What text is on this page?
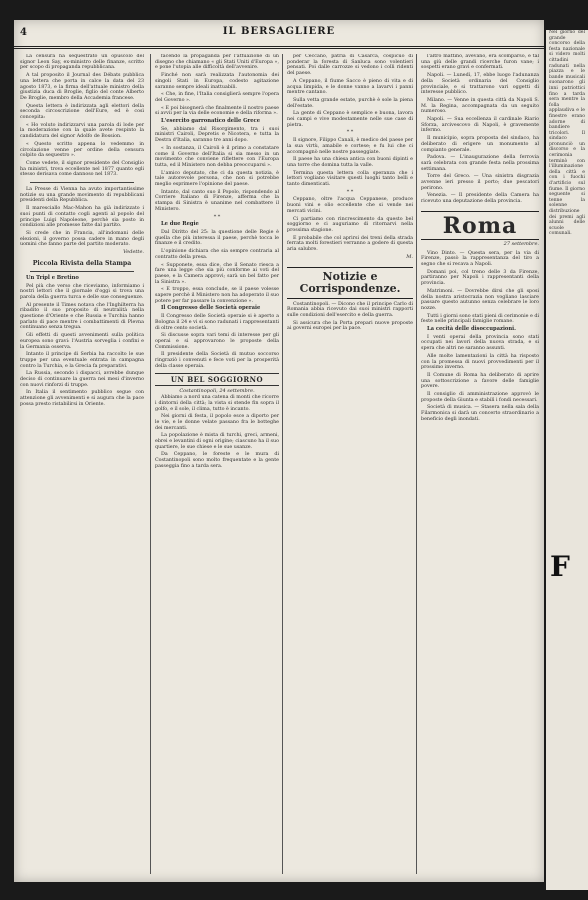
4	IL BERSAGLIERE

La censura ha sequestrato un opuscolo del signor Leon Say, ex-ministro delle finanze, scritto per scopo di propaganda repubblicana.

A tal proposito il Journal des Débats pubblica una lettera che porta in calce la data del 23 agosto 1873, e la firma dell'attuale ministro della giustizia duca di Broglie, figlio del conte Alberto De Broglie, membro della Accademia francese.

Questa lettera è indirizzata agli elettori della seconda circoscrizione dell'Eure, ed è così concepita:

« Ho voluto indirizzarvi una parola di lode per la moderazione con la quale avete respinto la candidatura del signor Adolfo de Bossion.

« Questo scritto appena lo vedemmo in circolazione venne per ordine della censura colpito da sequestro ».

Come vedete, il signor presidente del Consiglio ha ministri, trova eccellente nel 1877 quanto egli stesso derisava come dannoso nel 1873.

La Presse di Vienna ha avuto importantissime notizie su una grande movimento di repubblicani presidenti della Repubblica.

Il maresciallo Mac-Mahon ha già indirizzato i suoi punti di contatto cogli agenti al popolo del principe Luigi Napoleone, perchè sia posto in condizioni alle promesse fatte dal partito.

Si crede che in Francia, all'indomani delle elezioni, il governo possa cadere in mano degli uomini che fanno parte del partito moderato.

Vedette.
Piccola Rivista della Stampa

Un Tripl e Bretino

Pel più che verso che riceviamo, informiamo i nostri lettori che il giornale d'oggi si trova una parola della guerra turca e delle sue conseguenze.

Al presente il Times notava che l'Inghilterra ha ribadito il suo proposito di neutralità nella questione d'Oriente e che Russia e Turchia hanno parlato di pace mentre i combattimenti di Plevna continuano senza tregua.

Gli effetti di questi avvenimenti sulla politica europea sono gravi: l'Austria sorveglia i confini e la Germania osserva.

Intanto il principe di Serbia ha raccolto le sue truppe per una eventuale entrata in campagna contro la Turchia, e la Grecia fa preparativi.

La Russia, secondo i dispacci, avrebbe dunque deciso di continuare la guerra nei mesi d'inverno con nuovi rinforzi di truppe.

In Italia il sentimento pubblico segue con attenzione gli avvenimenti e si augura che la pace possa presto ristabilirsi in Oriente.

facendo la propaganda per l'attuazione di un disegno che chiamano « gli Stati Uniti d'Europa », e pone l'utopia alle difficoltà dell'avvenire.

Finché non sarà realizzata l'autonomia dei singoli Stati in Europa, codesto agitazione saranno sempre ideali inattuabili.

« Che, in fine, l'Italia consiglierà sempre l'opera del Governo ».

« E poi bisognerà che finalmente il nostro paese si avvii per la via delle economie e della riforma ».

L'esercito garronatico delle Grece

Se, abbiamo dal Risorgimento, tra i suoi ministri Cairoli, Depretis e Nicotera, e tutta la Destra d'Italia, saranno tre anni dopo.

« In sostanza, il Cairoli è il primo a constatare come il Governo dell'Italia si sia messo in un movimento che conviene riflettere con l'Europa tutta, ed il Ministero non debba preoccuparsi ».

L'amico deputato, che ci da questa notizia, è tale autorevole persona, che non si potrebbe meglio esprimere l'opinione del paese.

Intanto, dal canto suo il Popolo, rispondendo al Corriere Italiano di Firenze, afferma che la stampa di Sinistra è unanime nel combattere il Ministero.

* *

Le due Regie

Dal Diritto del 25: la questione delle Regie è quella che più interessa il paese, perchè tocca le finanze e il credito.

L'opinione dichiara che sia sempre contraria al contratto della presa.

« Supponete, essa dice, che il Senato riesca a fare una legge che sia più conforme ai voti del paese, e la Camera approvi; sarà un bel fatto per la Sinistra ».

« E troppo, essa conclude, se il paese volesse sapere perchè il Ministero non ha adoperato il suo potere per far passare la convenzione ».

Il Congresso delle Società operaie

Il Congresso delle Società operaie si è aperto a Bologna il 24 e vi si sono radunati i rappresentanti di oltre cento società.

Si discusse sopra vari temi di interesse per gli operai e si approvarono le proposte della Commissione.

Il presidente della Società di mutuo soccorso ringraziò i convenuti e fece voti per la prosperità della classe operaia.

UN BEL SOGGIORNO
Costantinopoli, 24 settembre.

Abbiamo a nord una catena di monti che ricorre i dintorni della città; la vista si stende fin sopra il golfo, e il sole, il clima, tutto è incanto.

Nei giorni di festa, il popolo esce a diporto per le vie, e le donne velate passano fra le botteghe dei mercanti.

La popolazione è mista di turchi, greci, armeni, ebrei e levantini di ogni origine; ciascuno ha il suo quartiere, le sue chiese e le sue usanze.

Da Ceppano, le foreste e le mura di Costantinopoli sono molto frequentate e la gente passeggia fino a tarda sera.

per Ceccano, patria di Casarca, cospicuo di ponderar la foresta di Sanluca sono volentieri pensati. Poi dalle carrozze si vedono i colli ridenti del paese.

A Ceppano, il fiume Sacco è pieno di vita e di acqua limpida, e le donne vanno a lavarvi i panni mentre cantano.

Sulla vetta grande estate, purchè è sole la piena dell'estate.

La gente di Ceppano è semplice e buona, lavora nei campi e vive modestamente nelle sue case di pietra.

* *

Il signore, Filippo Canali, è medico del paese per la sua virtù, amabile e cortese; e fu lui che ci accompagnò nelle nostre passeggiate.

Il paese ha una chiesa antica con buoni dipinti e una torre che domina tutta la valle.

Termina questa lettera colla speranza che i lettori vogliano visitare questi luoghi tanto belli e tanto dimenticati.

* *

Ceppano, oltre l'acqua Ceppanese, produce buoni vini e olio eccellente che si vende nei mercati vicini.

Ci partiamo con rincrescimento da questo bel soggiorno e ci auguriamo di ritornarvi nella prossima stagione.

E probabile che col aprirsi dei treni della strada ferrata molti forestieri verranno a godere di questa aria salubre.

M.
Notizie e Corrispondenze.

Costantinopoli. — Dicono che il principe Carlo di Romania abbia ricevuto dai suoi ministri rapporti sulle condizioni dell'esercito e della guerra.

Si assicura che la Porta prepari nuove proposte ai governi europei per la pace.

l'altro mattino, avevano, era scomparso, e tal una giù delle grandi ricerche furon vane; i sospetti erano gravi e confermati.

Napoli. — Lunedì, 17, ebbe luogo l'adunanza della Società ordinaria del Consiglio provinciale, e si trattarono vari oggetti di interesse pubblico.

Milano. — Venne in questa città da Napoli S. M. la Regina, accompagnata da un seguito numeroso.

Napoli. — Sua eccellenza il cardinale Riario Sforza, arcivescovo di Napoli, è gravemente infermo.

Il municipio, sopra proposta del sindaco, ha deliberato di erigere un monumento al compianto generale.

Padova. — L'inaugurazione della ferrovia sarà celebrata con grande festa nella prossima settimana.

Torre del Greco. — Una sinistra disgrazia avvenne ieri presso il porto; due pescatori perirono.

Venezia. — Il presidente della Camera ha ricevuto una deputazione della provincia.

Roma
27 settembre.

Vino Dinto. — Questa sera, per la via di Firenze, passò la rappresentanza del tiro a segno che si recava a Napoli.

Domani poi, col treno delle 3 da Firenze, partiranno per Napoli i rappresentanti della provincia.

Matrimoni. — Dovrebbe dirsi che gli sposi della nostra aristocrazia non vogliano lasciare passare questo autunno senza celebrare le loro nozze.

Tutti i giorni sono stati pieni di cerimonie e di feste nelle principali famiglie romane.

La cecità delle disoccupazioni.

I venti operai della provincia sono stati occupati nei lavori della nuova strada, e si spera che altri ne saranno assunti.

Alle molte lamentazioni la città ha risposto con la promessa di nuovi provvedimenti per il prossimo inverno.

Il Comune di Roma ha deliberato di aprire una sottoscrizione a favore delle famiglie povere.

Il consiglio di amministrazione approvò le proposte della Giunta e stabilì i fondi necessari.

Società di musica. — Stasera nella sala della Filarmonica si darà un concerto straordinario a beneficio degli inondati.

Nel giorno del grande concorso della festa nazionale si videro molti cittadini radunati nella piazza e le bande musicali suonarono gli inni patriottici fino a tarda sera mentre la folla applaudiva e le finestre erano adorne di bandiere tricolori. Il sindaco pronunciò un discorso e la cerimonia terminò con l'illuminazione della città e con i fuochi d'artificio sul fiume. Il giorno seguente si tenne la solenne distribuzione dei premi agli alunni delle scuole comunali.
F
